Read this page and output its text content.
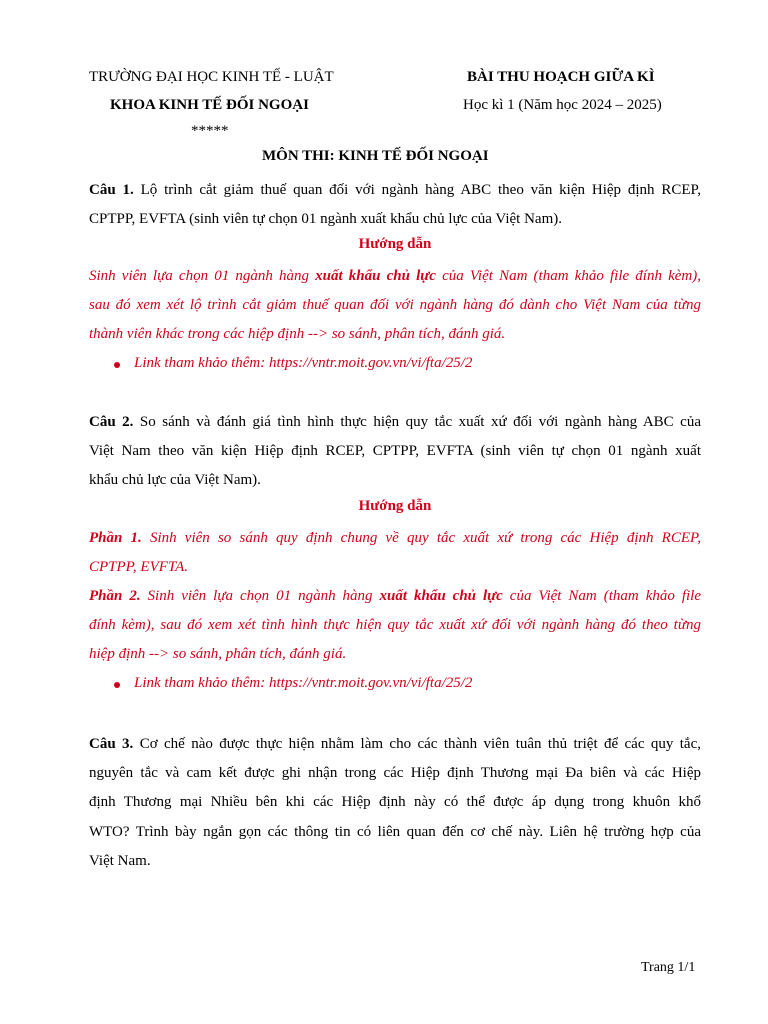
TRƯỜNG ĐẠI HỌC KINH TẾ - LUẬT
KHOA KINH TẾ ĐỐI NGOẠI
*****
BÀI THU HOẠCH GIỮA KÌ
Học kì 1 (Năm học 2024 – 2025)
MÔN THI: KINH TẾ ĐỐI NGOẠI
Câu 1. Lộ trình cắt giảm thuế quan đối với ngành hàng ABC theo văn kiện Hiệp định RCEP,
CPTPP, EVFTA (sinh viên tự chọn 01 ngành xuất khẩu chủ lực của Việt Nam).
Hướng dẫn
Sinh viên lựa chọn 01 ngành hàng xuất khẩu chủ lực của Việt Nam (tham khảo file đính kèm),
sau đó xem xét lộ trình cắt giảm thuế quan đối với ngành hàng đó dành cho Việt Nam của từng
thành viên khác trong các hiệp định --> so sánh, phân tích, đánh giá.
Link tham khảo thêm: https://vntr.moit.gov.vn/vi/fta/25/2
Câu 2. So sánh và đánh giá tình hình thực hiện quy tắc xuất xứ đối với ngành hàng ABC của
Việt Nam theo văn kiện Hiệp định RCEP, CPTPP, EVFTA (sinh viên tự chọn 01 ngành xuất
khẩu chủ lực của Việt Nam).
Hướng dẫn
Phần 1. Sinh viên so sánh quy định chung về quy tắc xuất xứ trong các Hiệp định RCEP,
CPTPP, EVFTA.
Phần 2. Sinh viên lựa chọn 01 ngành hàng xuất khẩu chủ lực của Việt Nam (tham khảo file
đính kèm), sau đó xem xét tình hình thực hiện quy tắc xuất xứ đối với ngành hàng đó theo từng
hiệp định --> so sánh, phân tích, đánh giá.
Link tham khảo thêm: https://vntr.moit.gov.vn/vi/fta/25/2
Câu 3. Cơ chế nào được thực hiện nhằm làm cho các thành viên tuân thủ triệt để các quy tắc,
nguyên tắc và cam kết được ghi nhận trong các Hiệp định Thương mại Đa biên và các Hiệp
định Thương mại Nhiều bên khi các Hiệp định này có thể được áp dụng trong khuôn khổ
WTO? Trình bày ngắn gọn các thông tin có liên quan đến cơ chế này. Liên hệ trường hợp của
Việt Nam.
Trang 1/1
